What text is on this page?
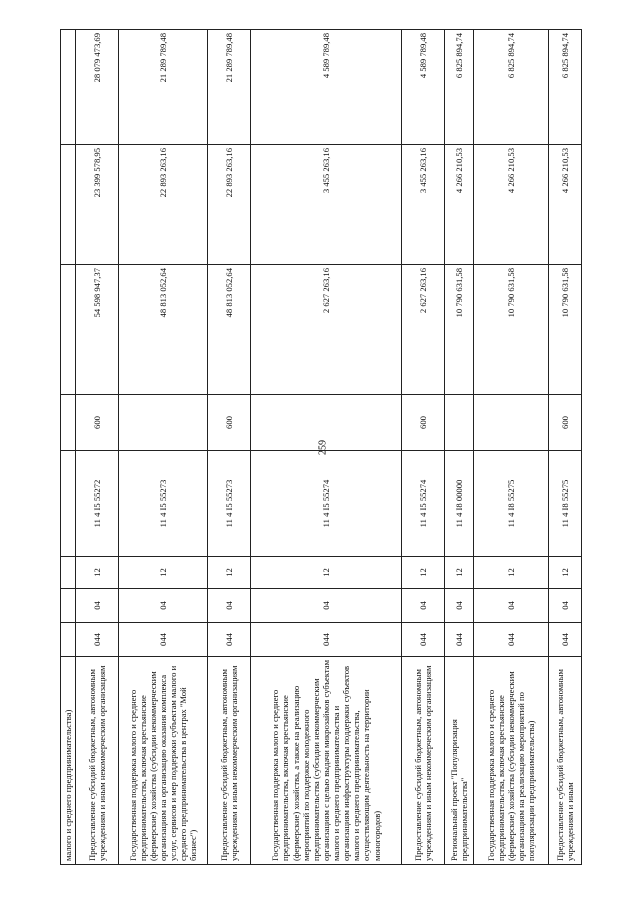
259
малого и среднего предпринимательства)								
Предоставление субсидий бюджетным, автономным учреждениям и иным некоммерческим организациям	044	04	12	11 4 I5 55272	600	54 598 947,37	23 399 578,95	28 079 473,69
Государственная поддержка малого и среднего предпринимательства, включая крестьянские (фермерские) хозяйства (субсидии некоммерческим организациям на организацию оказания комплекса услуг, сервисов и мер поддержки субъектам малого и среднего предпринимательства в центрах "Мой бизнес")	044	04	12	11 4 I5 55273		48 813 052,64	22 893 263,16	21 289 789,48
Предоставление субсидий бюджетным, автономным учреждениям и иным некоммерческим организациям	044	04	12	11 4 I5 55273	600	48 813 052,64	22 893 263,16	21 289 789,48
Государственная поддержка малого и среднего предпринимательства, включая крестьянские (фермерские) хозяйства, а также на реализацию мероприятий по поддержке молодежного предпринимательства (субсидии некоммерческим организациям с целью выдачи микрозаймов субъектам малого и среднего предпринимательства и организациям инфраструктуры поддержки субъектов малого и среднего предпринимательства, осуществляющим деятельность на территории моногородов)	044	04	12	11 4 I5 55274		2 627 263,16	3 455 263,16	4 589 789,48
Предоставление субсидий бюджетным, автономным учреждениям и иным некоммерческим организациям	044	04	12	11 4 I5 55274	600	2 627 263,16	3 455 263,16	4 589 789,48
Региональный проект "Популяризация предпринимательства"	044	04	12	11 4 I8 00000		10 790 631,58	4 266 210,53	6 825 894,74
Государственная поддержка малого и среднего предпринимательства, включая крестьянские (фермерские) хозяйства (субсидии некоммерческим организациям на реализацию мероприятий по популяризации предпринимательства)	044	04	12	11 4 I8 55275		10 790 631,58	4 266 210,53	6 825 894,74
Предоставление субсидий бюджетным, автономным учреждениям и иным	044	04	12	11 4 I8 55275	600	10 790 631,58	4 266 210,53	6 825 894,74
